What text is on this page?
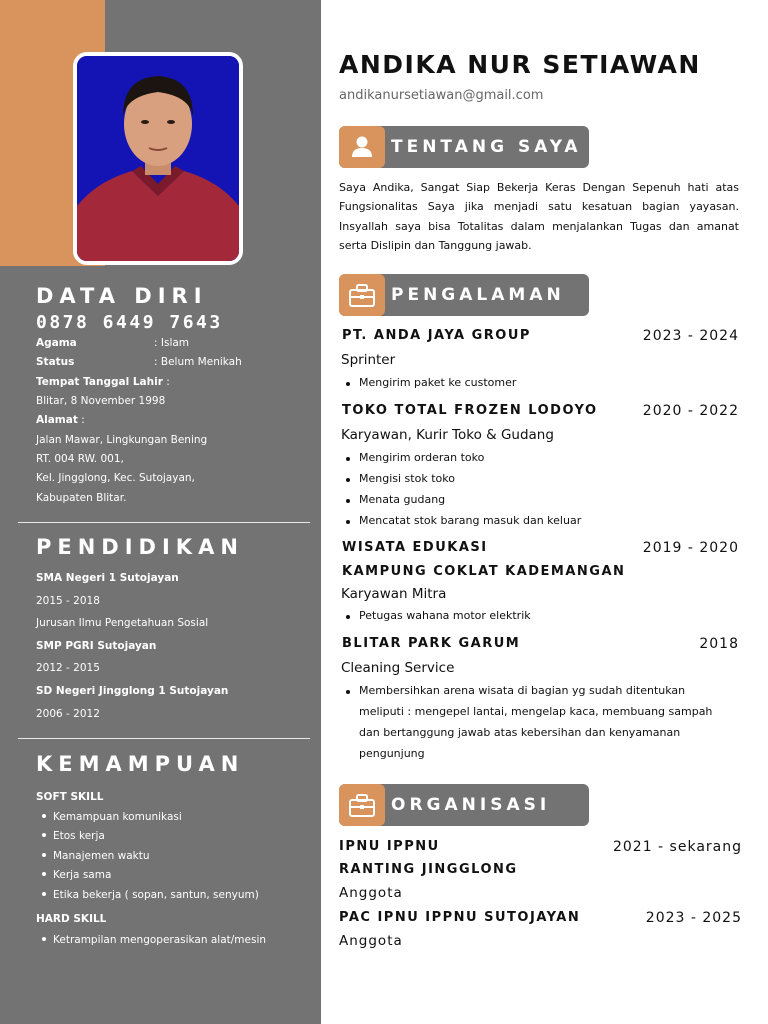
DATA DIRI
0878 6449 7643
Agama	: Islam
Status	: Belum Menikah
Tempat Tanggal Lahir :
Blitar, 8 November 1998
Alamat :
Jalan Mawar, Lingkungan Bening
RT. 004 RW. 001,
Kel. Jingglong, Kec. Sutojayan,
Kabupaten Blitar.
PENDIDIKAN
SMA Negeri 1 Sutojayan
2015 - 2018
Jurusan Ilmu Pengetahuan Sosial
SMP PGRI Sutojayan
2012 - 2015
SD Negeri Jingglong 1 Sutojayan
2006 - 2012
KEMAMPUAN
SOFT SKILL
Kemampuan komunikasi
Etos kerja
Manajemen waktu
Kerja sama
Etika bekerja ( sopan, santun, senyum)
HARD SKILL
Ketrampilan mengoperasikan alat/mesin
ANDIKA NUR SETIAWAN
andikanursetiawan@gmail.com
TENTANG SAYA

Saya Andika, Sangat Siap Bekerja Keras Dengan Sepenuh hati atas Fungsionalitas Saya jika menjadi satu kesatuan bagian yayasan. Insyallah saya bisa Totalitas dalam menjalankan Tugas dan amanat serta Dislipin dan Tanggung jawab.

PENGALAMAN
PT. ANDA JAYA GROUP	2023 - 2024
Sprinter
Mengirim paket ke customer
TOKO TOTAL FROZEN LODOYO	2020 - 2022
Karyawan, Kurir Toko & Gudang
Mengirim orderan toko
Mengisi stok toko
Menata gudang
Mencatat stok barang masuk dan keluar
WISATA EDUKASI	2019 - 2020
KAMPUNG COKLAT KADEMANGAN
Karyawan Mitra
Petugas wahana motor elektrik
BLITAR PARK GARUM	2018
Cleaning Service
Membersihkan arena wisata di bagian yg sudah ditentukan
meliputi : mengepel lantai, mengelap kaca, membuang sampah
dan bertanggung jawab atas kebersihan dan kenyamanan
pengunjung
ORGANISASI
IPNU IPPNU	2021 - sekarang
RANTING JINGGLONG
Anggota
PAC IPNU IPPNU SUTOJAYAN	2023 - 2025
Anggota
